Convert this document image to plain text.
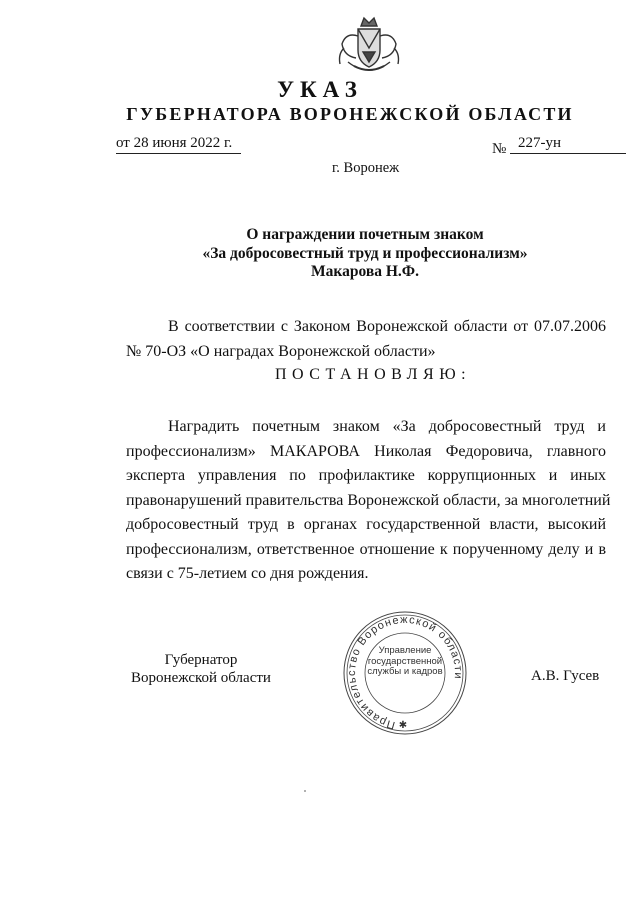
УКАЗ
ГУБЕРНАТОРА ВОРОНЕЖСКОЙ ОБЛАСТИ
от 28 июня 2022 г.	№ 227-ун
г. Воронеж
О награждении почетным знаком
«За добросовестный труд и профессионализм»
Макарова Н.Ф.
В соответствии с Законом Воронежской области от 07.07.2006
№ 70-ОЗ «О наградах Воронежской области»
ПОСТАНОВЛЯЮ:
Наградить почетным знаком «За добросовестный труд и
профессионализм» МАКАРОВА Николая Федоровича, главного
эксперта управления по профилактике коррупционных и иных
правонарушений правительства Воронежской области, за многолетний
добросовестный труд в органах государственной власти, высокий
профессионализм, ответственное отношение к порученному делу и в
связи с 75-летием со дня рождения.
Губернатор
Воронежской области	А.В. Гусев
Правительство Воронежской области
✱
Управление
государственной
службы и кадров
